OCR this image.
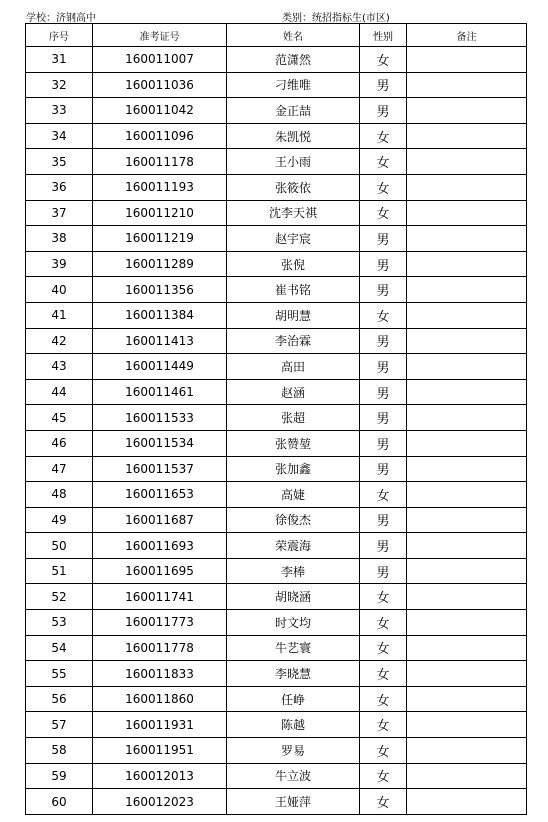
学校：济钢高中	类别：统招指标生(市区)
序号	准考证号	姓名	性别	备注
31	160011007	范潇然	女	
32	160011036	刁维唯	男	
33	160011042	金正喆	男	
34	160011096	朱凯悦	女	
35	160011178	王小雨	女	
36	160011193	张筱依	女	
37	160011210	沈李天祺	女	
38	160011219	赵宇宸	男	
39	160011289	张倪	男	
40	160011356	崔书铭	男	
41	160011384	胡明慧	女	
42	160011413	李治霖	男	
43	160011449	高田	男	
44	160011461	赵涵	男	
45	160011533	张超	男	
46	160011534	张赞堃	男	
47	160011537	张加鑫	男	
48	160011653	高婕	女	
49	160011687	徐俊杰	男	
50	160011693	荣震海	男	
51	160011695	李棒	男	
52	160011741	胡晓涵	女	
53	160011773	时文均	女	
54	160011778	牛艺寰	女	
55	160011833	李晓慧	女	
56	160011860	任峥	女	
57	160011931	陈越	女	
58	160011951	罗易	女	
59	160012013	牛立波	女	
60	160012023	王娅萍	女	
